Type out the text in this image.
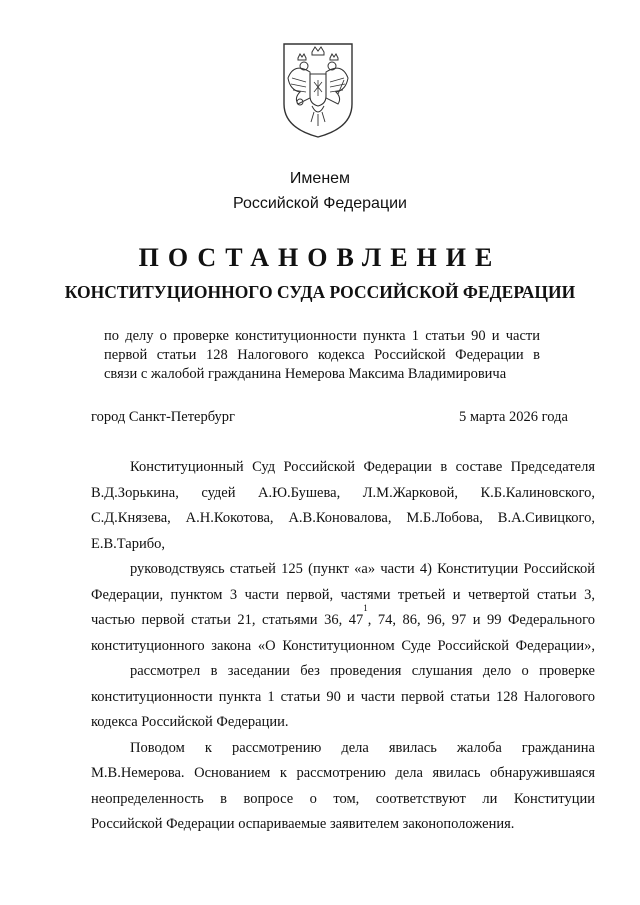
Именем
Российской Федерации
ПОСТАНОВЛЕНИЕ
КОНСТИТУЦИОННОГО СУДА РОССИЙСКОЙ ФЕДЕРАЦИИ
по делу о проверке конституционности пункта 1 статьи 90 и части
первой статьи 128 Налогового кодекса Российской Федерации в
связи с жалобой гражданина Немерова Максима Владимировича
город Санкт-Петербург	5 марта 2026 года
Конституционный Суд Российской Федерации в составе Председателя
В.Д.Зорькина, судей А.Ю.Бушева, Л.М.Жарковой, К.Б.Калиновского,
С.Д.Князева, А.Н.Кокотова, А.В.Коновалова, М.Б.Лобова, В.А.Сивицкого,
Е.В.Тарибо,
руководствуясь статьей 125 (пункт «а» части 4) Конституции Российской
Федерации, пунктом 3 части первой, частями третьей и четвертой статьи 3,
частью первой статьи 21, статьями 36, 47
1
, 74, 86, 96, 97 и 99 Федерального
конституционного закона «О Конституционном Суде Российской Федерации»,
рассмотрел в заседании без проведения слушания дело о проверке
конституционности пункта 1 статьи 90 и части первой статьи 128 Налогового
кодекса Российской Федерации.
Поводом к рассмотрению дела явилась жалоба гражданина
М.В.Немерова. Основанием к рассмотрению дела явилась обнаружившаяся
неопределенность в вопросе о том, соответствуют ли Конституции
Российской Федерации оспариваемые заявителем законоположения.
